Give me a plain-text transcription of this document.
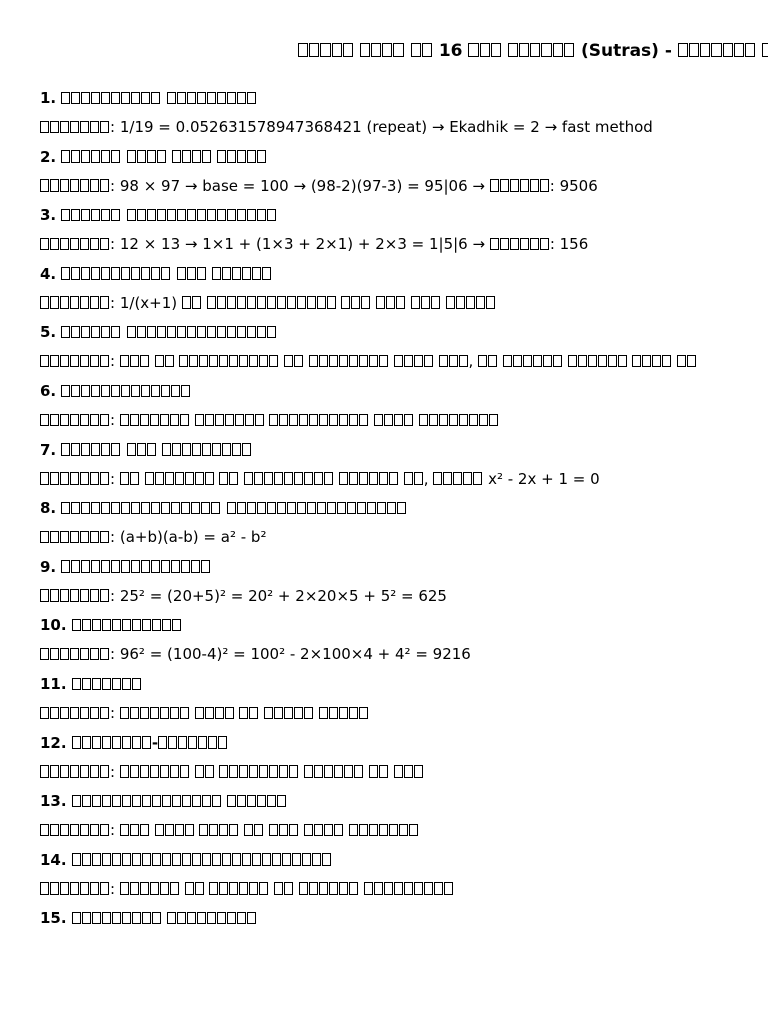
16	(Sutras) -
1.
: 1/19 = 0.052631578947368421 (repeat) → Ekadhik = 2 → fast method
2.
: 98 × 97 → base = 100 → (98-2)(97-3) = 95|06 →	: 9506
3.
: 12 × 13 → 1×1 + (1×3 + 2×1) + 2×3 = 1|5|6 →	: 156
4.
: 1/(x+1)
5.
:	,
6.
:
7.
:	,	x² - 2x + 1 = 0
8.
: (a+b)(a-b) = a² - b²
9.
: 25² = (20+5)² = 20² + 2×20×5 + 5² = 625
10.
: 96² = (100-4)² = 100² - 2×100×4 + 4² = 9216
11.
:
12.	-
:
13.
:
14.
:
15.
